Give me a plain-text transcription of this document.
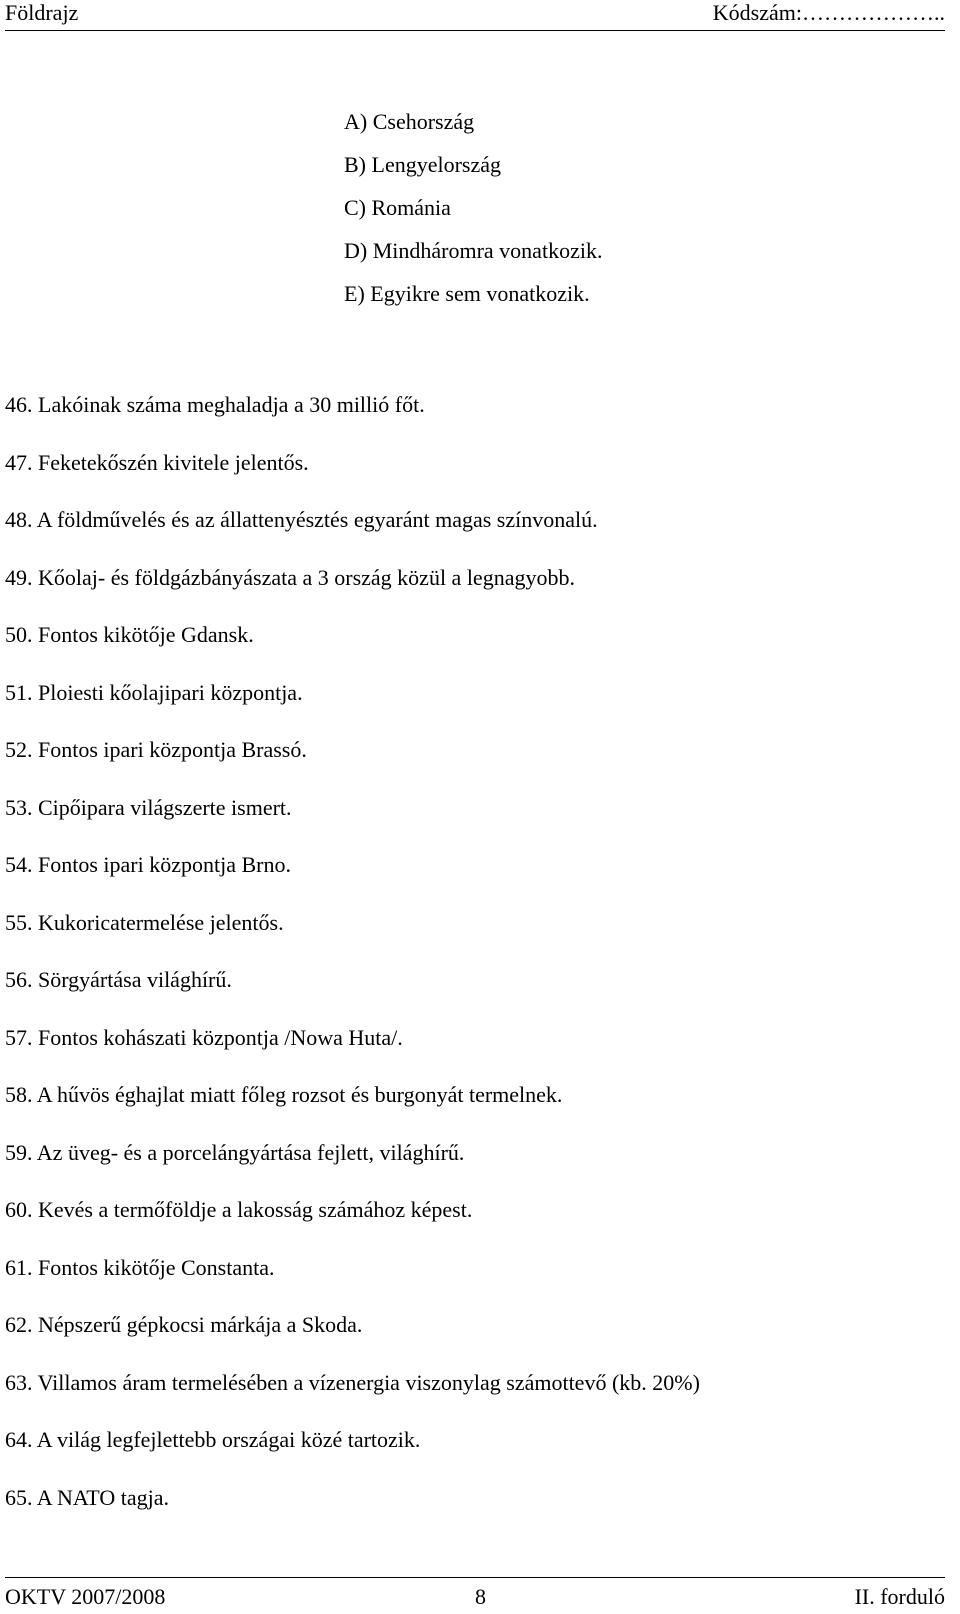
Földrajz	Kódszám:………………..
A) Csehország
B) Lengyelország
C) Románia
D) Mindháromra vonatkozik.
E) Egyikre sem vonatkozik.
46. Lakóinak száma meghaladja a 30 millió főt.
47. Feketekőszén kivitele jelentős.
48. A földművelés és az állattenyésztés egyaránt magas színvonalú.
49. Kőolaj- és földgázbányászata a 3 ország közül a legnagyobb.
50. Fontos kikötője Gdansk.
51. Ploiesti kőolajipari központja.
52. Fontos ipari központja Brassó.
53. Cipőipara világszerte ismert.
54. Fontos ipari központja Brno.
55. Kukoricatermelése jelentős.
56. Sörgyártása világhírű.
57. Fontos kohászati központja /Nowa Huta/.
58. A hűvös éghajlat miatt főleg rozsot és burgonyát termelnek.
59. Az üveg- és a porcelángyártása fejlett, világhírű.
60. Kevés a termőföldje a lakosság számához képest.
61. Fontos kikötője Constanta.
62. Népszerű gépkocsi márkája a Skoda.
63. Villamos áram termelésében a vízenergia viszonylag számottevő (kb. 20%)
64. A világ legfejlettebb országai közé tartozik.
65. A NATO tagja.
OKTV 2007/2008	8	II. forduló
